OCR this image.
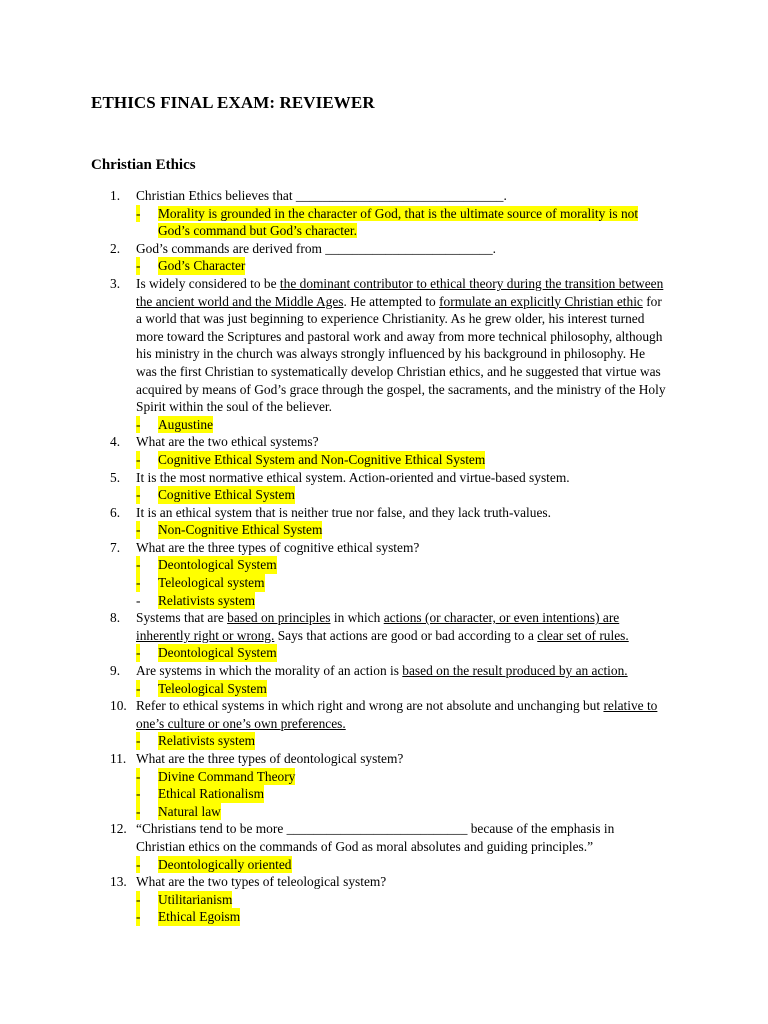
ETHICS FINAL EXAM: REVIEWER
Christian Ethics
1.	Christian Ethics believes that _______________________________.
- Morality is grounded in the character of God, that is the ultimate source of morality is not God’s command but God’s character.
2.	God’s commands are derived from _________________________.
- God’s Character
3.	Is widely considered to be the dominant contributor to ethical theory during the transition between the ancient world and the Middle Ages. He attempted to formulate an explicitly Christian ethic for a world that was just beginning to experience Christianity. As he grew older, his interest turned more toward the Scriptures and pastoral work and away from more technical philosophy, although his ministry in the church was always strongly influenced by his background in philosophy. He was the first Christian to systematically develop Christian ethics, and he suggested that virtue was acquired by means of God’s grace through the gospel, the sacraments, and the ministry of the Holy Spirit within the soul of the believer.
- Augustine
4.	What are the two ethical systems?
- Cognitive Ethical System and Non-Cognitive Ethical System
5.	It is the most normative ethical system. Action-oriented and virtue-based system.
- Cognitive Ethical System
6.	It is an ethical system that is neither true nor false, and they lack truth-values.
- Non-Cognitive Ethical System
7.	What are the three types of cognitive ethical system?
- Deontological System
- Teleological system
- Relativists system
8.	Systems that are based on principles in which actions (or character, or even intentions) are inherently right or wrong. Says that actions are good or bad according to a clear set of rules.
- Deontological System
9.	Are systems in which the morality of an action is based on the result produced by an action.
- Teleological System
10. Refer to ethical systems in which right and wrong are not absolute and unchanging but relative to one’s culture or one’s own preferences.
- Relativists system
11. What are the three types of deontological system?
- Divine Command Theory
- Ethical Rationalism
- Natural law
12. “Christians tend to be more ___________________________ because of the emphasis in Christian ethics on the commands of God as moral absolutes and guiding principles.”
- Deontologically oriented
13. What are the two types of teleological system?
- Utilitarianism
- Ethical Egoism
